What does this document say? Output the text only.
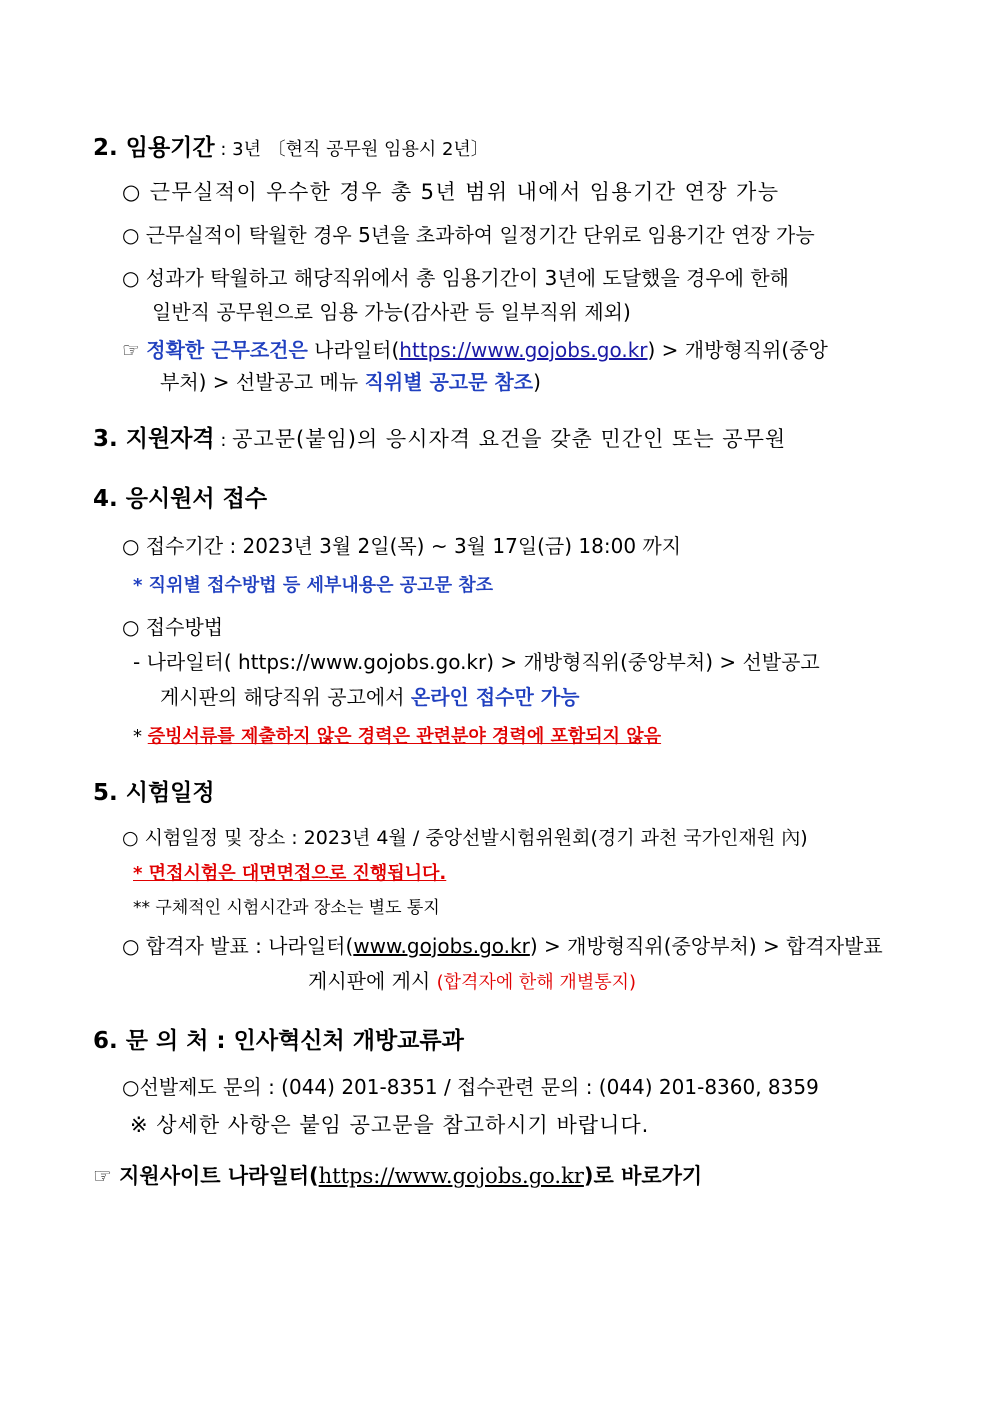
2. 임용기간 : 3년 〔현직 공무원 임용시 2년〕
○ 근무실적이 우수한 경우 총 5년 범위 내에서 임용기간 연장 가능
○ 근무실적이 탁월한 경우 5년을 초과하여 일정기간 단위로 임용기간 연장 가능
○ 성과가 탁월하고 해당직위에서 총 임용기간이 3년에 도달했을 경우에 한해
일반직 공무원으로 임용 가능(감사관 등 일부직위 제외)
☞ 정확한 근무조건은 나라일터(https://www.gojobs.go.kr) > 개방형직위(중앙
부처) > 선발공고 메뉴 직위별 공고문 참조)
3. 지원자격 : 공고문(붙임)의 응시자격 요건을 갖춘 민간인 또는 공무원
4. 응시원서 접수
○ 접수기간 : 2023년 3월 2일(목) ~ 3월 17일(금) 18:00 까지
* 직위별 접수방법 등 세부내용은 공고문 참조
○ 접수방법
- 나라일터( https://www.gojobs.go.kr) > 개방형직위(중앙부처) > 선발공고
게시판의 해당직위 공고에서 온라인 접수만 가능
* 증빙서류를 제출하지 않은 경력은 관련분야 경력에 포함되지 않음
5. 시험일정
○ 시험일정 및 장소 : 2023년 4월 / 중앙선발시험위원회(경기 과천 국가인재원 內)
* 면접시험은 대면면접으로 진행됩니다.
** 구체적인 시험시간과 장소는 별도 통지
○ 합격자 발표 : 나라일터(www.gojobs.go.kr) > 개방형직위(중앙부처) > 합격자발표
게시판에 게시 (합격자에 한해 개별통지)
6. 문 의 처 : 인사혁신처 개방교류과
○선발제도 문의 : (044) 201-8351 / 접수관련 문의 : (044) 201-8360, 8359
※ 상세한 사항은 붙임 공고문을 참고하시기 바랍니다.
☞ 지원사이트 나라일터(https://www.gojobs.go.kr)로 바로가기
